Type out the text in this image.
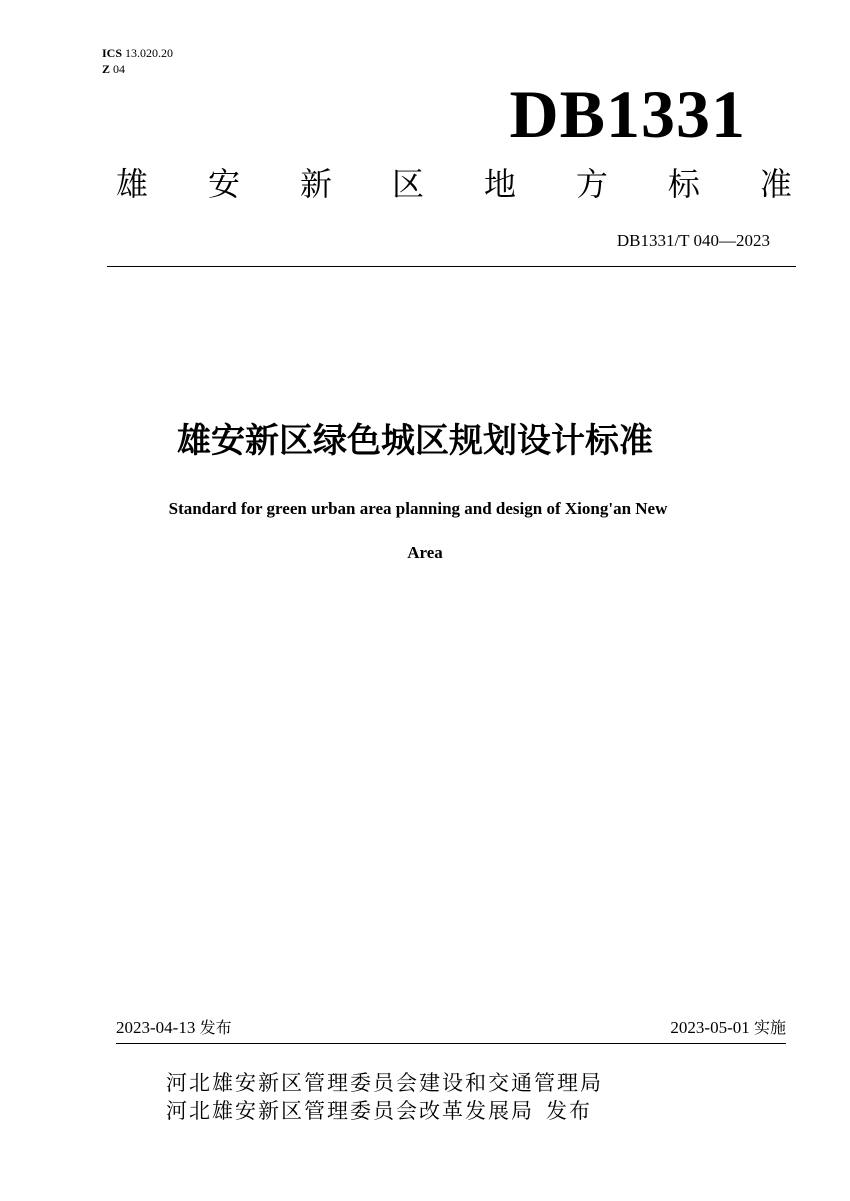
ICS 13.020.20
Z 04
DB1331
雄 安 新 区 地 方 标 准
DB1331/T 040—2023
雄安新区绿色城区规划设计标准
Standard for green urban area planning and design of Xiong'an New
Area
2023-04-13 发布	2023-05-01 实施
河北雄安新区管理委员会建设和交通管理局
河北雄安新区管理委员会改革发展局 发布
